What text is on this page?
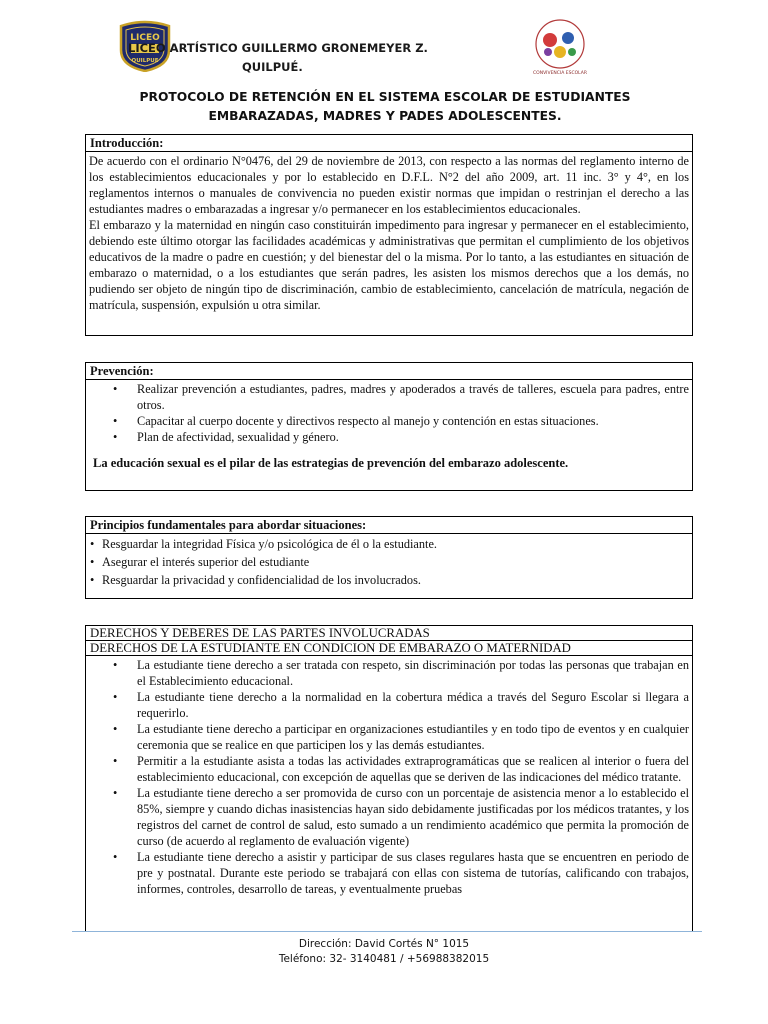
LICEO
QUILPUE

LICEO ARTÍSTICO GUILLERMO GRONEMEYER Z.

QUILPUÉ.	CONVIVENCIA ESCOLAR
PROTOCOLO DE RETENCIÓN EN EL SISTEMA ESCOLAR DE ESTUDIANTES
EMBARAZADAS, MADRES Y PADES ADOLESCENTES.
Introducción:

De acuerdo con el ordinario N°0476, del 29 de noviembre de 2013, con respecto a las normas del reglamento interno de los establecimientos educacionales y por lo establecido en D.F.L. N°2 del año 2009, art. 11 inc. 3° y 4°, en los reglamentos internos o manuales de convivencia no pueden existir normas que impidan o restrinjan el derecho a las estudiantes madres o embarazadas a ingresar y/o permanecer en los establecimientos educacionales.

El embarazo y la maternidad en ningún caso constituirán impedimento para ingresar y permanecer en el establecimiento, debiendo este último otorgar las facilidades académicas y administrativas que permitan el cumplimiento de los objetivos educativos de la madre o padre en cuestión; y del bienestar del o la misma. Por lo tanto, a las estudiantes en situación de embarazo o maternidad, o a los estudiantes que serán padres, les asisten los mismos derechos que a los demás, no pudiendo ser objeto de ningún tipo de discriminación, cambio de establecimiento, cancelación de matrícula, negación de matrícula, suspensión, expulsión u otra similar.

Prevención:
• Realizar prevención a estudiantes, padres, madres y apoderados a través de talleres, escuela para padres, entre otros.
• Capacitar al cuerpo docente y directivos respecto al manejo y contención en estas situaciones.
• Plan de afectividad, sexualidad y género.
La educación sexual es el pilar de las estrategias de prevención del embarazo adolescente.
Principios fundamentales para abordar situaciones:
• Resguardar la integridad Física y/o psicológica de él o la estudiante.
• Asegurar el interés superior del estudiante
• Resguardar la privacidad y confidencialidad de los involucrados.
DERECHOS Y DEBERES DE LAS PARTES INVOLUCRADAS
DERECHOS DE LA ESTUDIANTE EN CONDICION DE EMBARAZO O MATERNIDAD
• La estudiante tiene derecho a ser tratada con respeto, sin discriminación por todas las personas que trabajan en el Establecimiento educacional.
• La estudiante tiene derecho a la normalidad en la cobertura médica a través del Seguro Escolar si llegara a requerirlo.
• La estudiante tiene derecho a participar en organizaciones estudiantiles y en todo tipo de eventos y en cualquier ceremonia que se realice en que participen los y las demás estudiantes.
• Permitir a la estudiante asista a todas las actividades extraprogramáticas que se realicen al interior o fuera del establecimiento educacional, con excepción de aquellas que se deriven de las indicaciones del médico tratante.
• La estudiante tiene derecho a ser promovida de curso con un porcentaje de asistencia menor a lo establecido el 85%, siempre y cuando dichas inasistencias hayan sido debidamente justificadas por los médicos tratantes, y los registros del carnet de control de salud, esto sumado a un rendimiento académico que permita la promoción de curso (de acuerdo al reglamento de evaluación vigente)
• La estudiante tiene derecho a asistir y participar de sus clases regulares hasta que se encuentren en periodo de pre y postnatal. Durante este periodo se trabajará con ellas con sistema de tutorías, calificando con trabajos, informes, controles, desarrollo de tareas, y eventualmente pruebas

Dirección: David Cortés N° 1015

Teléfono: 32- 3140481 / +56988382015
